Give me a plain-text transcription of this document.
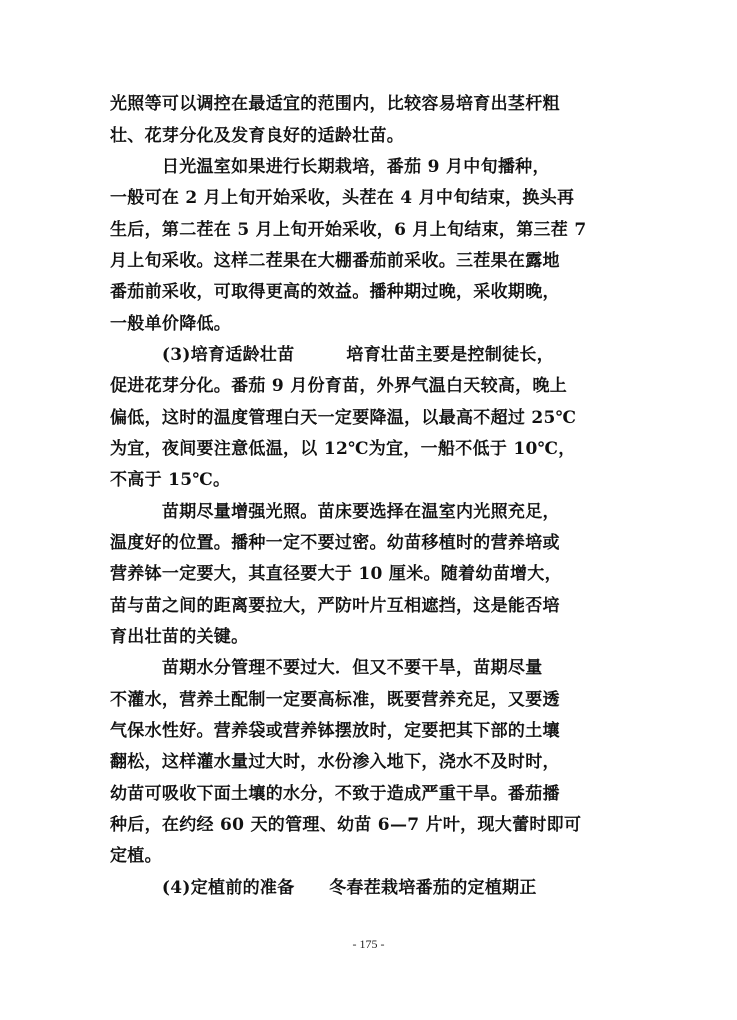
光照等可以调控在最适宜的范围内，比较容易培育出茎杆粗
壮、花芽分化及发育良好的适龄壮苗。
　　　日光温室如果进行长期栽培，番茄 9 月中旬播种，
一般可在 2 月上旬开始采收，头茬在 4 月中旬结束，换头再
生后，第二茬在 5 月上旬开始采收，6 月上旬结束，第三茬 7
月上旬采收。这样二茬果在大棚番茄前采收。三茬果在露地
番茄前采收，可取得更高的效益。播种期过晚，采收期晚，
一般单价降低。
　　　(3)培育适龄壮苗　　　培育壮苗主要是控制徒长，
促进花芽分化。番茄 9 月份育苗，外界气温白天较高，晚上
偏低，这时的温度管理白天一定要降温，以最高不超过 25℃
为宜，夜间要注意低温，以 12℃为宜，一船不低于 10℃，
不高于 15℃。
　　　苗期尽量增强光照。苗床要选择在温室内光照充足，
温度好的位置。播种一定不要过密。幼苗移植时的营养培或
营养钵一定要大，其直径要大于 10 厘米。随着幼苗增大，
苗与苗之间的距离要拉大，严防叶片互相遮挡，这是能否培
育出壮苗的关键。
　　　苗期水分管理不要过大．但又不要干旱，苗期尽量
不灌水，营养土配制一定要高标准，既要营养充足，又要透
气保水性好。营养袋或营养钵摆放时，定要把其下部的土壤
翻松，这样灌水量过大时，水份渗入地下，浇水不及时时，
幼苗可吸收下面土壤的水分，不致于造成严重干旱。番茄播
种后，在约经 60 天的管理、幼苗 6—7 片叶，现大蕾时即可
定植。
　　　(4)定植前的准备　　冬春茬栽培番茄的定植期正
- 175 -
